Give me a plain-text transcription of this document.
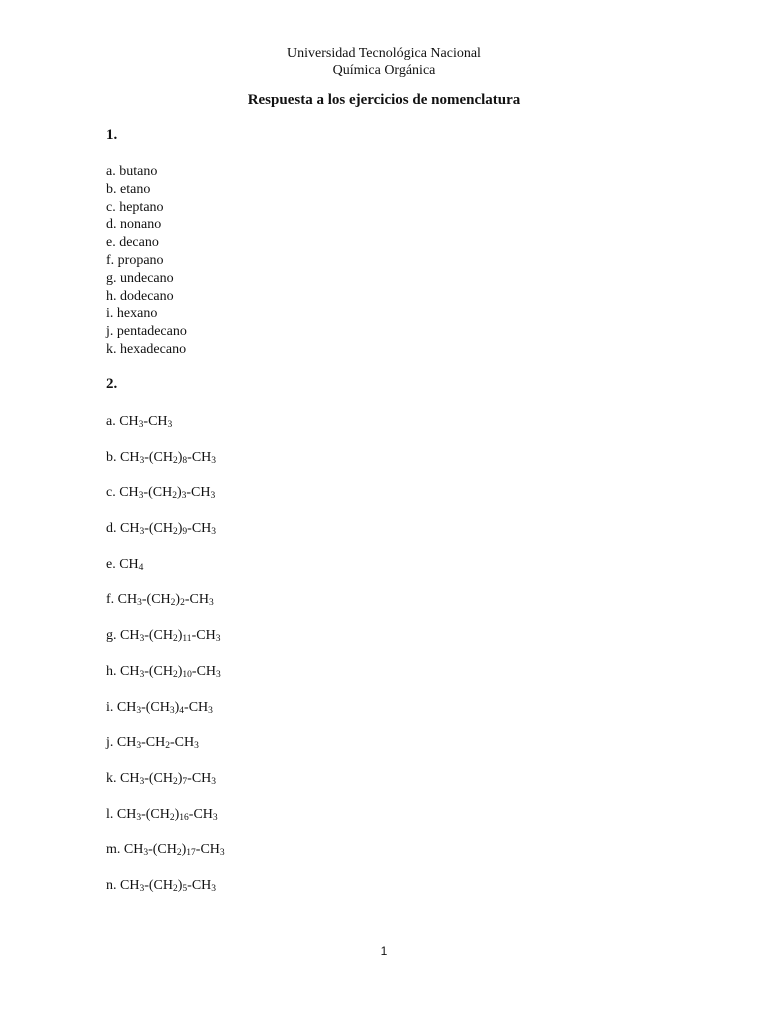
Universidad Tecnológica Nacional
Química Orgánica
Respuesta a los ejercicios de nomenclatura
1.
a. butano
b. etano
c. heptano
d. nonano
e. decano
f. propano
g. undecano
h. dodecano
i. hexano
j. pentadecano
k. hexadecano
2.
a. $CH_3-CH_3$
b. $CH_3-(CH_2)_8-CH_3$
c. $CH_3-(CH_2)_3-CH_3$
d. $CH_3-(CH_2)_9-CH_3$
e. $CH_4$
f. $CH_3-(CH_2)_2-CH_3$
g. $CH_3-(CH_2)_{11}-CH_3$
h. $CH_3-(CH_2)_{10}-CH_3$
i. $CH_3-(CH_3)_4-CH_3$
j. $CH_3-CH_2-CH_3$
k. $CH_3-(CH_2)_7-CH_3$
l. $CH_3-(CH_2)_{16}-CH_3$
m. $CH_3-(CH_2)_{17}-CH_3$
n. $CH_3-(CH_2)_5-CH_3$
1
